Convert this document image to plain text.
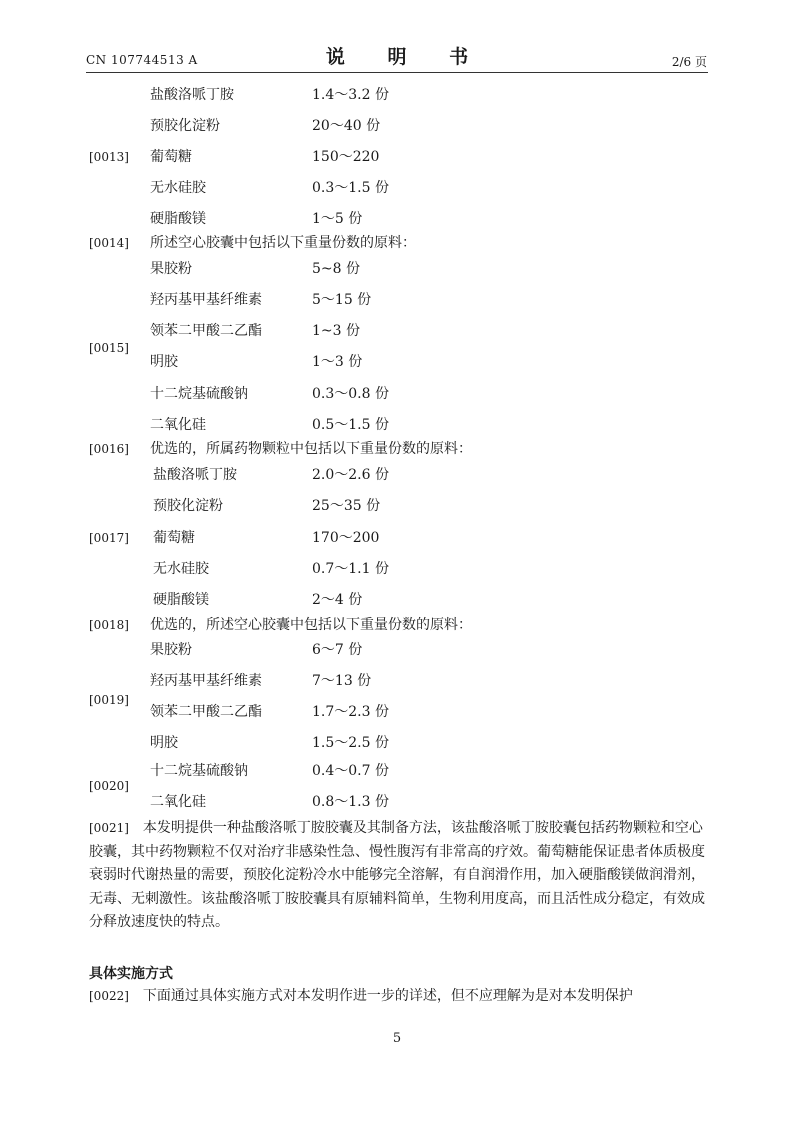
CN 107744513 A	说 明 书	2/6 页
盐酸洛哌丁胺	1.4～3.2 份
预胶化淀粉	20～40 份
[0013] 葡萄糖	150～220
无水硅胶	0.3～1.5 份
硬脂酸镁	1～5 份
[0014] 所述空心胶囊中包括以下重量份数的原料：
果胶粉	5~8 份
羟丙基甲基纤维素	5～15 份
领苯二甲酸二乙酯	1~3 份
[0015]
明胶	1～3 份
十二烷基硫酸钠	0.3～0.8 份
二氧化硅	0.5～1.5 份
[0016] 优选的，所属药物颗粒中包括以下重量份数的原料：
盐酸洛哌丁胺	2.0～2.6 份
预胶化淀粉	25～35 份
[0017] 葡萄糖	170～200
无水硅胶	0.7～1.1 份
硬脂酸镁	2～4 份
[0018] 优选的，所述空心胶囊中包括以下重量份数的原料：
果胶粉	6～7 份
[0019]
羟丙基甲基纤维素	7～13 份
领苯二甲酸二乙酯	1.7～2.3 份
明胶	1.5～2.5 份
[0020]
十二烷基硫酸钠	0.4～0.7 份
二氧化硅	0.8～1.3 份
[0021] 本发明提供一种盐酸洛哌丁胺胶囊及其制备方法，该盐酸洛哌丁胺胶囊包括药物颗粒和空心胶囊，其中药物颗粒不仅对治疗非感染性急、慢性腹泻有非常高的疗效。葡萄糖能保证患者体质极度衰弱时代谢热量的需要，预胶化淀粉冷水中能够完全溶解，有自润滑作用，加入硬脂酸镁做润滑剂，无毒、无刺激性。该盐酸洛哌丁胺胶囊具有原辅料简单，生物利用度高，而且活性成分稳定，有效成分释放速度快的特点。
具体实施方式
[0022] 下面通过具体实施方式对本发明作进一步的详述，但不应理解为是对本发明保护
5
